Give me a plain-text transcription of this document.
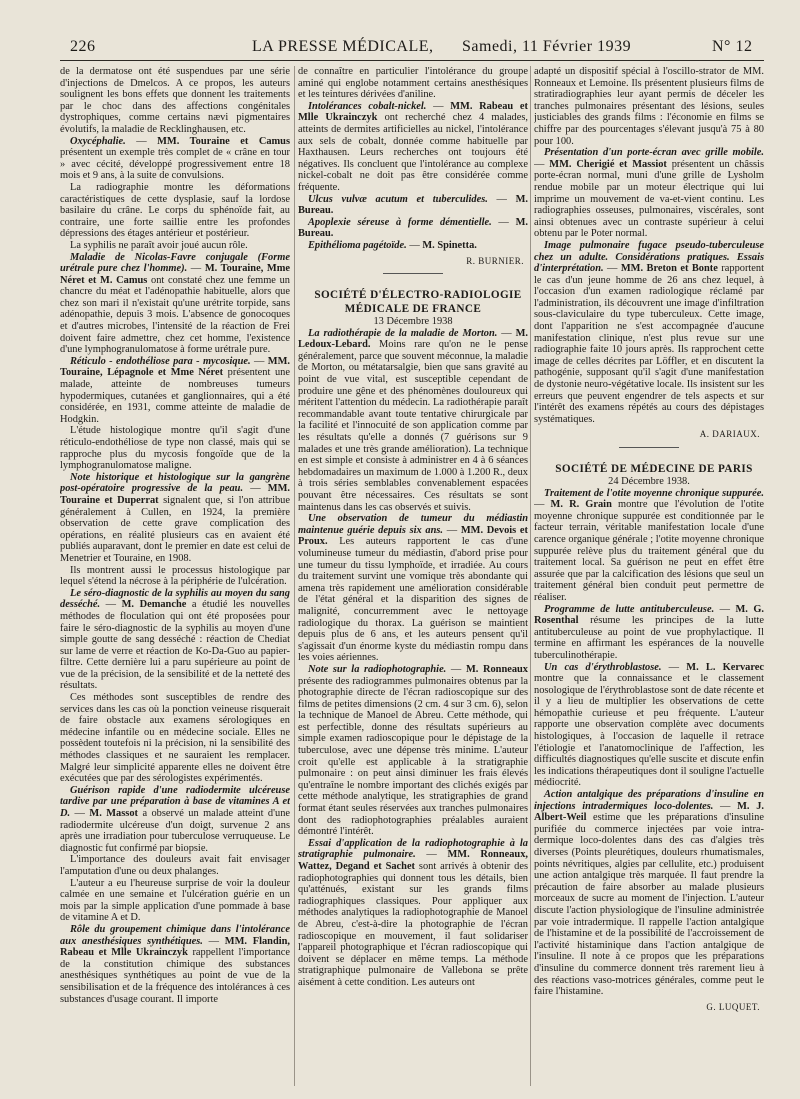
226	LA PRESSE MÉDICALE, Samedi, 11 Février 1939	N° 12

de la dermatose ont été suspendues par une série d'injections de Dmelcos. A ce propos, les auteurs soulignent les bons effets que donnent les traitements par le choc dans des affections congénitales dystrophiques, comme certains nævi pigmentaires évolutifs, la maladie de Recklinghausen, etc.

Oxycéphalie. — MM. Touraine et Camus présentent un exemple très complet de « crâne en tour » avec cécité, développé progressivement entre 18 mois et 9 ans, à la suite de convulsions.

La radiographie montre les déformations caractéristiques de cette dysplasie, sauf la lordose basilaire du crâne. Le corps du sphénoïde fait, au contraire, une forte saillie entre les profondes dépressions des étages antérieur et postérieur.

La syphilis ne paraît avoir joué aucun rôle.

Maladie de Nicolas-Favre conjugale (Forme urétrale pure chez l'homme). — M. Touraine, Mme Néret et M. Camus ont constaté chez une femme un chancre du méat et l'adénopathie habituelle, alors que chez son mari il n'existait qu'une urétrite torpide, sans adénopathie, depuis 3 mois. L'absence de gonocoques et d'autres microbes, l'intensité de la réaction de Frei doivent faire admettre, chez cet homme, l'existence d'une lymphogranulomatose à forme urétrale pure.

Réticulo - endothéliose para - mycosique. — MM. Touraine, Lépagnole et Mme Néret présentent une malade, atteinte de nombreuses tumeurs hypodermiques, cutanées et ganglionnaires, qui a été considérée, en 1931, comme atteinte de maladie de Hodgkin.

L'étude histologique montre qu'il s'agit d'une réticulo-endothéliose de type non classé, mais qui se rapproche plus du mycosis fongoïde que de la lymphogranulomatose maligne.

Note historique et histologique sur la gangrène post-opératoire progressive de la peau. — MM. Touraine et Duperrat signalent que, si l'on attribue généralement à Cullen, en 1924, la première observation de cette grave complication des opérations, en réalité plusieurs cas en avaient été publiés auparavant, dont le premier en date est celui de Menetrier et Touraine, en 1908.

Ils montrent aussi le processus histologique par lequel s'étend la nécrose à la périphérie de l'ulcération.

Le séro-diagnostic de la syphilis au moyen du sang desséché. — M. Demanche a étudié les nouvelles méthodes de floculation qui ont été proposées pour faire le séro-diagnostic de la syphilis au moyen d'une simple goutte de sang desséché : réaction de Chediat sur lame de verre et réaction de Ko-Da-Guo au papier-filtre. Cette dernière lui a paru supérieure au point de vue de la précision, de la sensibilité et de la netteté des résultats.

Ces méthodes sont susceptibles de rendre des services dans les cas où la ponction veineuse risquerait de faire obstacle aux examens sérologiques en médecine infantile ou en médecine sociale. Elles ne possèdent toutefois ni la précision, ni la sensibilité des méthodes classiques et ne sauraient les remplacer. Malgré leur simplicité apparente elles ne doivent être exécutées que par des sérologistes expérimentés.

Guérison rapide d'une radiodermite ulcéreuse tardive par une préparation à base de vitamines A et D. — M. Massot a observé un malade atteint d'une radiodermite ulcéreuse d'un doigt, survenue 2 ans après une irradiation pour tuberculose verruqueuse. Le diagnostic fut confirmé par biopsie.

L'importance des douleurs avait fait envisager l'amputation d'une ou deux phalanges.

L'auteur a eu l'heureuse surprise de voir la douleur calmée en une semaine et l'ulcération guérie en un mois par la simple application d'une pommade à base de vitamine A et D.

Rôle du groupement chimique dans l'intolérance aux anesthésiques synthétiques. — MM. Flandin, Rabeau et Mlle Ukrainczyk rappellent l'importance de la constitution chimique des substances anesthésiques synthétiques au point de vue de la sensibilisation et de la fréquence des intolérances à ces substances d'usage courant. Il importe

de connaître en particulier l'intolérance du groupe aminé qui englobe notamment certains anesthésiques et les teintures dérivées d'aniline.

Intolérances cobalt-nickel. — MM. Rabeau et Mlle Ukrainczyk ont recherché chez 4 malades, atteints de dermites artificielles au nickel, l'intolérance aux sels de cobalt, donnée comme habituelle par Haxthausen. Leurs recherches ont toujours été négatives. Ils concluent que l'intolérance au complexe nickel-cobalt ne doit pas être considérée comme fréquente.

Ulcus vulvæ acutum et tuberculides. — M. Bureau.

Apoplexie séreuse à forme démentielle. — M. Bureau.

Epithélioma pagétoïde. — M. Spinetta.

R. BURNIER.

SOCIÉTÉ D'ÉLECTRO-RADIOLOGIE MÉDICALE DE FRANCE

13 Décembre 1938

La radiothérapie de la maladie de Morton. — M. Ledoux-Lebard. Moins rare qu'on ne le pense généralement, parce que souvent méconnue, la maladie de Morton, ou métatarsalgie, bien que sans gravité au point de vue vital, est susceptible cependant de produire une gêne et des phénomènes douloureux qui méritent l'attention du médecin. La radiothérapie paraît recommandable avant toute tentative chirurgicale par la facilité et l'innocuité de son application comme par les résultats qu'elle a donnés (7 guérisons sur 9 malades et une très grande amélioration). La technique en est simple et consiste à administrer en 4 à 6 séances hebdomadaires un maximum de 1.000 à 1.200 R., deux à trois séries semblables convenablement espacées pouvant être nécessaires. Ces résultats se sont maintenus dans les cas observés et suivis.

Une observation de tumeur du médiastin maintenue guérie depuis six ans. — MM. Devois et Proux. Les auteurs rapportent le cas d'une volumineuse tumeur du médiastin, d'abord prise pour une tumeur du tissu lymphoïde, et irradiée. Au cours du traitement survint une vomique très abondante qui amena très rapidement une amélioration considérable de l'état général et la disparition des signes de malignité, concurremment avec le nettoyage radiologique du thorax. La guérison se maintient depuis plus de 6 ans, et les auteurs pensent qu'il s'agissait d'un énorme kyste du médiastin rompu dans les voies aériennes.

Note sur la radiophotographie. — M. Ronneaux présente des radiogrammes pulmonaires obtenus par la photographie directe de l'écran radioscopique sur des films de petites dimensions (2 cm. 4 sur 3 cm. 6), selon la technique de Manoel de Abreu. Cette méthode, qui est perfectible, donne des résultats supérieurs au simple examen radioscopique pour le dépistage de la tuberculose, avec une dépense très minime. L'auteur croit qu'elle est applicable à la stratigraphie pulmonaire : on peut ainsi diminuer les frais élevés qu'entraîne le nombre important des clichés exigés par cette méthode analytique, les stratigraphies de grand format étant seules réservées aux tranches pulmonaires dont des radiophotographies préalables auraient démontré l'intérêt.

Essai d'application de la radiophotographie à la stratigraphie pulmonaire. — MM. Ronneaux, Wattez, Degand et Sachet sont arrivés à obtenir des radiophotographies qui donnent tous les détails, bien qu'atténués, existant sur les grands films radiographiques classiques. Pour appliquer aux méthodes analytiques la radiophotographie de Manoel de Abreu, c'est-à-dire la photographie de l'écran radioscopique en mouvement, il faut solidariser l'appareil photographique et l'écran radioscopique qui doivent se déplacer en même temps. La méthode stratigraphique pulmonaire de Vallebona se prête aisément à cette condition. Les auteurs ont

adapté un dispositif spécial à l'oscillo-strator de MM. Ronneaux et Lemoine. Ils présentent plusieurs films de stratiradiographies leur ayant permis de déceler les tranches pulmonaires présentant des lésions, seules justiciables des grands films : l'économie en films se chiffre par des pourcentages s'élevant jusqu'à 75 à 80 pour 100.

Présentation d'un porte-écran avec grille mobile. — MM. Cherigié et Massiot présentent un châssis porte-écran normal, muni d'une grille de Lysholm rendue mobile par un moteur électrique qui lui imprime un mouvement de va-et-vient continu. Les radiographies osseuses, pulmonaires, viscérales, sont ainsi obtenues avec un contraste supérieur à celui obtenu par le Poter normal.

Image pulmonaire fugace pseudo-tuberculeuse chez un adulte. Considérations pratiques. Essais d'interprétation. — MM. Breton et Bonte rapportent le cas d'un jeune homme de 26 ans chez lequel, à l'occasion d'un examen radiologique réclamé par l'administration, ils découvrent une image d'infiltration sous-claviculaire du type tuberculeux. Cette image, dont l'apparition ne s'est accompagnée d'aucune manifestation clinique, n'est plus revue sur une radiographie faite 10 jours après. Ils rapprochent cette image de celles décrites par Löffler, et en discutent la pathogénie, supposant qu'il s'agit d'une manifestation de dystonie neuro-végétative locale. Ils insistent sur les erreurs que peuvent engendrer de tels aspects et sur l'intérêt des examens répétés au cours des dépistages systématiques.

A. DARIAUX.

SOCIÉTÉ DE MÉDECINE DE PARIS

24 Décembre 1938.

Traitement de l'otite moyenne chronique suppurée. — M. R. Grain montre que l'évolution de l'otite moyenne chronique suppurée est conditionnée par le facteur terrain, véritable manifestation locale d'une carence organique générale ; l'otite moyenne chronique suppurée relève plus du traitement général que du traitement local. Sa guérison ne peut en effet être assurée que par la calcification des lésions que seul un traitement général bien conduit peut permettre de réaliser.

Programme de lutte antituberculeuse. — M. G. Rosenthal résume les principes de la lutte antituberculeuse au point de vue prophylactique. Il termine en affirmant les espérances de la nouvelle tuberculinothérapie.

Un cas d'érythroblastose. — M. L. Kervarec montre que la connaissance et le classement nosologique de l'érythroblastose sont de date récente et il y a lieu de multiplier les observations de cette hémopathie curieuse et peu fréquente. L'auteur rapporte une observation complète avec documents histologiques, à l'occasion de laquelle il retrace l'étiologie et l'anatomoclinique de l'affection, les difficultés diagnostiques qu'elle suscite et discute enfin les indications thérapeutiques dont il souligne l'actuelle médiocrité.

Action antalgique des préparations d'insuline en injections intradermiques loco-dolentes. — M. J. Albert-Weil estime que les préparations d'insuline purifiée du commerce injectées par voie intra-dermique loco-dolentes dans des cas d'algies très diverses (Points pleurétiques, douleurs rhumatismales, points névritiques, algies par cellulite, etc.) produisent une action antalgique très marquée. Il faut prendre la précaution de faire absorber au malade plusieurs morceaux de sucre au moment de l'injection. L'auteur discute l'action physiologique de l'insuline administrée par voie intradermique. Il rappelle l'action antalgique de l'histamine et de la possibilité de l'accroissement de l'activité histaminique dans l'action antalgique de l'insuline. Il note à ce propos que les préparations d'insuline du commerce donnent très rarement lieu à des réactions vaso-motrices générales, comme peut le faire l'histamine.

G. LUQUET.
